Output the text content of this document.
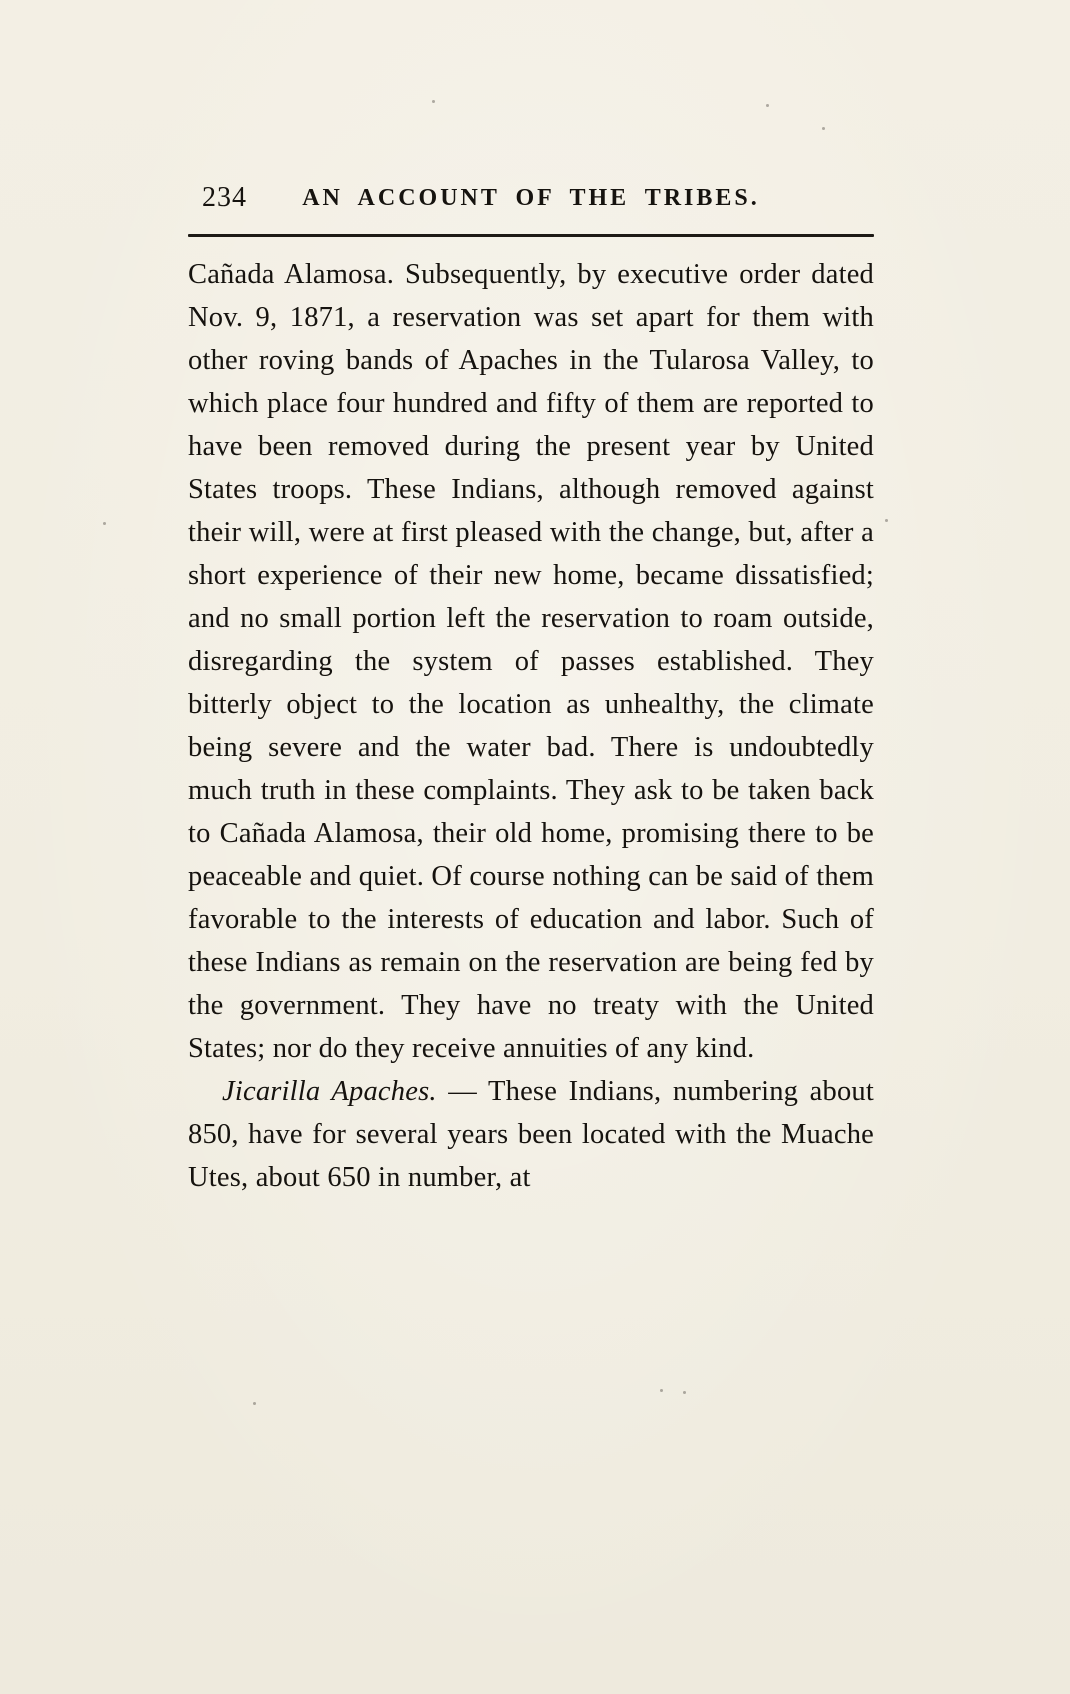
234	AN ACCOUNT OF THE TRIBES.

Cañada Alamosa. Subsequently, by executive order dated Nov. 9, 1871, a reservation was set apart for them with other roving bands of Apaches in the Tularosa Valley, to which place four hundred and fifty of them are reported to have been removed during the present year by United States troops. These Indians, although removed against their will, were at first pleased with the change, but, after a short experience of their new home, became dissatisfied; and no small portion left the reservation to roam outside, disregarding the system of passes established. They bitterly object to the location as unhealthy, the climate being severe and the water bad. There is undoubtedly much truth in these complaints. They ask to be taken back to Cañada Alamosa, their old home, promising there to be peaceable and quiet. Of course nothing can be said of them favorable to the interests of education and labor. Such of these Indians as remain on the reservation are being fed by the government. They have no treaty with the United States; nor do they receive annuities of any kind.

Jicarilla Apaches. — These Indians, numbering about 850, have for several years been located with the Muache Utes, about 650 in number, at
